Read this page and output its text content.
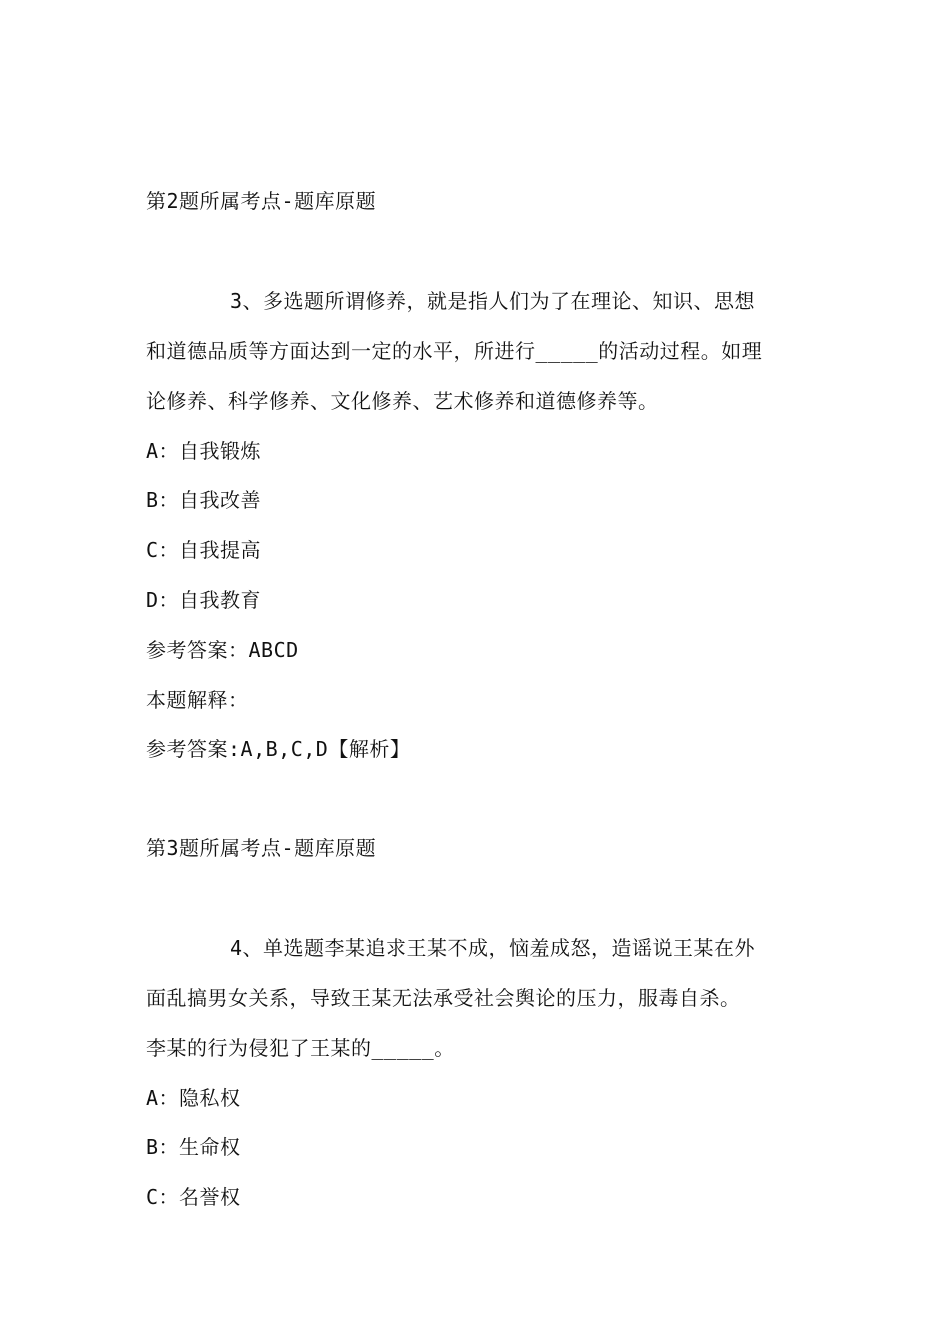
第2题所属考点-题库原题
3、多选题所谓修养，就是指人们为了在理论、知识、思想
和道德品质等方面达到一定的水平，所进行_____的活动过程。如理
论修养、科学修养、文化修养、艺术修养和道德修养等。
A：自我锻炼
B：自我改善
C：自我提高
D：自我教育
参考答案：ABCD
本题解释：
参考答案:A,B,C,D【解析】
第3题所属考点-题库原题
4、单选题李某追求王某不成，恼羞成怒，造谣说王某在外
面乱搞男女关系，导致王某无法承受社会舆论的压力，服毒自杀。
李某的行为侵犯了王某的_____。
A：隐私权
B：生命权
C：名誉权
